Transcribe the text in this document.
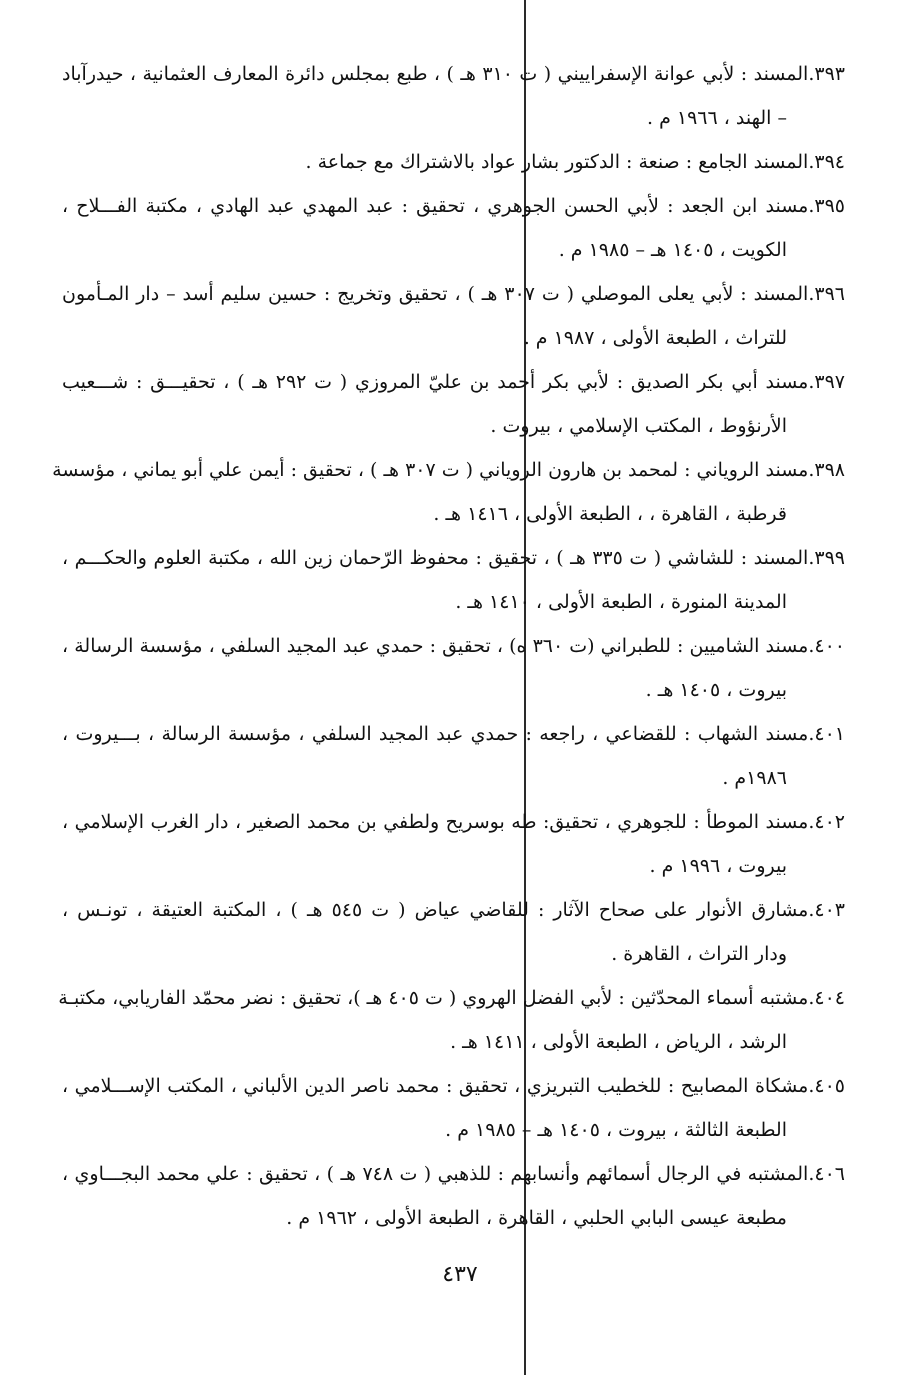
٣٩٣.المسند : لأبي عوانة الإسفراييني ( ت ٣١٠ هـ ) ، طبع بمجلس دائرة المعارف العثمانية ، حيدرآباد
– الهند ، ١٩٦٦ م .
٣٩٤.المسند الجامع : صنعة : الدكتور بشار عواد بالاشتراك مع جماعة .
٣٩٥.مسند ابن الجعد : لأبي الحسن الجوهري ، تحقيق : عبد المهدي عبد الهادي ، مكتبة الفـــلاح ،
الكويت ، ١٤٠٥ هـ – ١٩٨٥ م .
٣٩٦.المسند : لأبي يعلى الموصلي ( ت ٣٠٧ هـ ) ، تحقيق وتخريج : حسين سليم أسد – دار المـأمون
للتراث ، الطبعة الأولى ، ١٩٨٧ م .
٣٩٧.مسند أبي بكر الصديق : لأبي بكر أحمد بن عليّ المروزي ( ت ٢٩٢ هـ ) ، تحقيـــق : شـــعيب
الأرنؤوط ، المكتب الإسلامي ، بيروت .
٣٩٨.مسند الروياني : لمحمد بن هارون الروياني ( ت ٣٠٧ هـ ) ، تحقيق : أيمن علي أبو يماني ، مؤسسة
قرطبة ، القاهرة ، ، الطبعة الأولى ، ١٤١٦ هـ .
٣٩٩.المسند : للشاشي ( ت ٣٣٥ هـ ) ، تحقيق : محفوظ الرّحمان زين الله ، مكتبة العلوم والحكـــم ،
المدينة المنورة ، الطبعة الأولى ، ١٤١٠ هـ .
٤٠٠.مسند الشاميين : للطبراني (ت ٣٦٠ ه) ، تحقيق : حمدي عبد المجيد السلفي ، مؤسسة الرسالة ،
بيروت ، ١٤٠٥ هـ .
٤٠١.مسند الشهاب : للقضاعي ، راجعه : حمدي عبد المجيد السلفي ، مؤسسة الرسالة ، بـــيروت ،
١٩٨٦م .
٤٠٢.مسند الموطأ : للجوهري ، تحقيق: طه بوسريح ولطفي بن محمد الصغير ، دار الغرب الإسلامي ،
بيروت ، ١٩٩٦ م .
٤٠٣.مشارق الأنوار على صحاح الآثار : للقاضي عياض ( ت ٥٤٥ هـ ) ، المكتبة العتيقة ، تونـس ،
ودار التراث ، القاهرة .
٤٠٤.مشتبه أسماء المحدّثين : لأبي الفضل الهروي ( ت ٤٠٥ هـ )، تحقيق : نضر محمّد الفاريابي، مكتبـة
الرشد ، الرياض ، الطبعة الأولى ، ١٤١١ هـ .
٤٠٥.مشكاة المصابيح : للخطيب التبريزي ، تحقيق : محمد ناصر الدين الألباني ، المكتب الإســـلامي ،
الطبعة الثالثة ، بيروت ، ١٤٠٥ هـ – ١٩٨٥ م .
٤٠٦.المشتبه في الرجال أسمائهم وأنسابهم : للذهبي ( ت ٧٤٨ هـ ) ، تحقيق : علي محمد البجـــاوي ،
مطبعة عيسى البابي الحلبي ، القاهرة ، الطبعة الأولى ، ١٩٦٢ م .
٤٣٧
